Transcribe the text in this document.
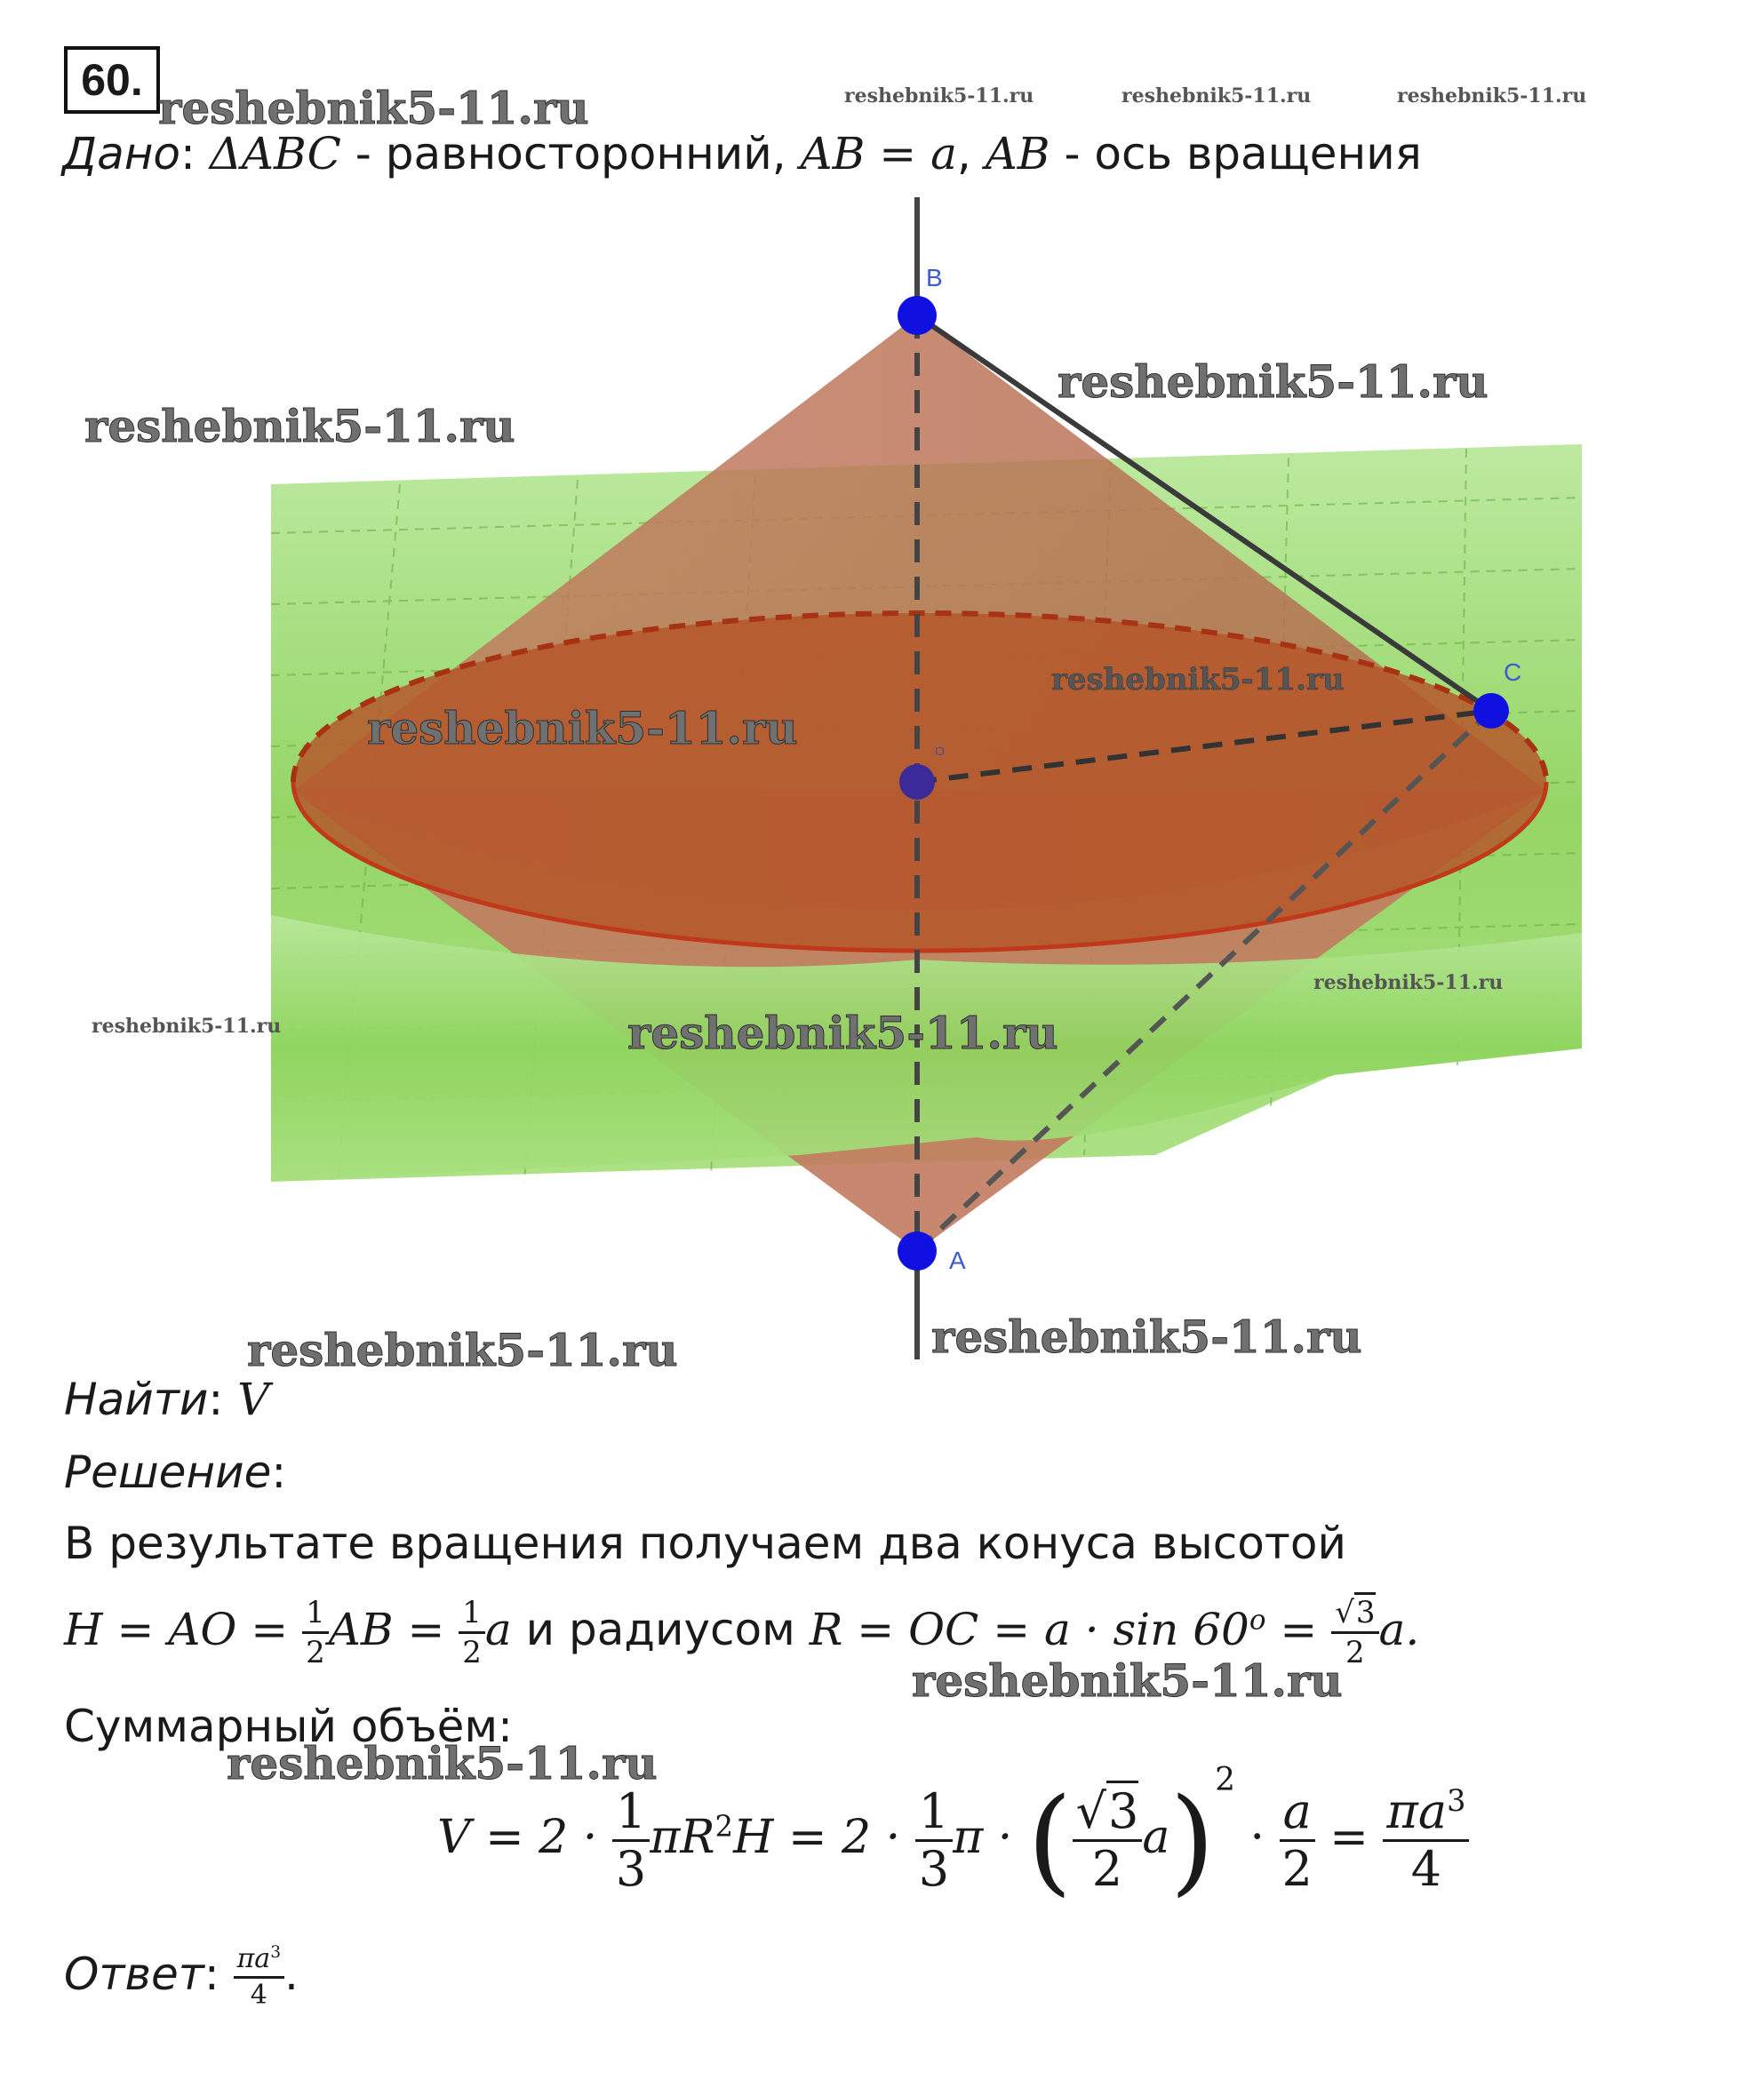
60.
reshebnik5-11.ru	reshebnik5-11.ru	reshebnik5-11.ru	reshebnik5-11.ru
Дано: ΔABC - равносторонний, AB = a, AB - ось вращения
B
C
A
O
reshebnik5-11.ru
reshebnik5-11.ru
reshebnik5-11.ru
reshebnik5-11.ru
reshebnik5-11.ru
reshebnik5-11.ru	reshebnik5-11.ru
reshebnik5-11.ru	reshebnik5-11.ru
Найти: V
Решение:
В результате вращения получаем два конуса высотой
H = AO = $\frac{1}{2}$ AB = $\frac{1}{2}$ a и радиусом R = OC = $a \cdot \sin 60^o = \frac{√3}{2} a$.
reshebnik5-11.ru
Суммарный объём:
reshebnik5-11.ru
$V = 2 \cdot \frac{1}{3} \pi R^2H = 2 \cdot \frac{1}{3}$ π · ( $\frac{√3}{2} a)^2 \cdot \frac{a}{2} = \frac{\pi a^3}{4}$
Ответ: $\frac{\pi a^3}{4}$ .
